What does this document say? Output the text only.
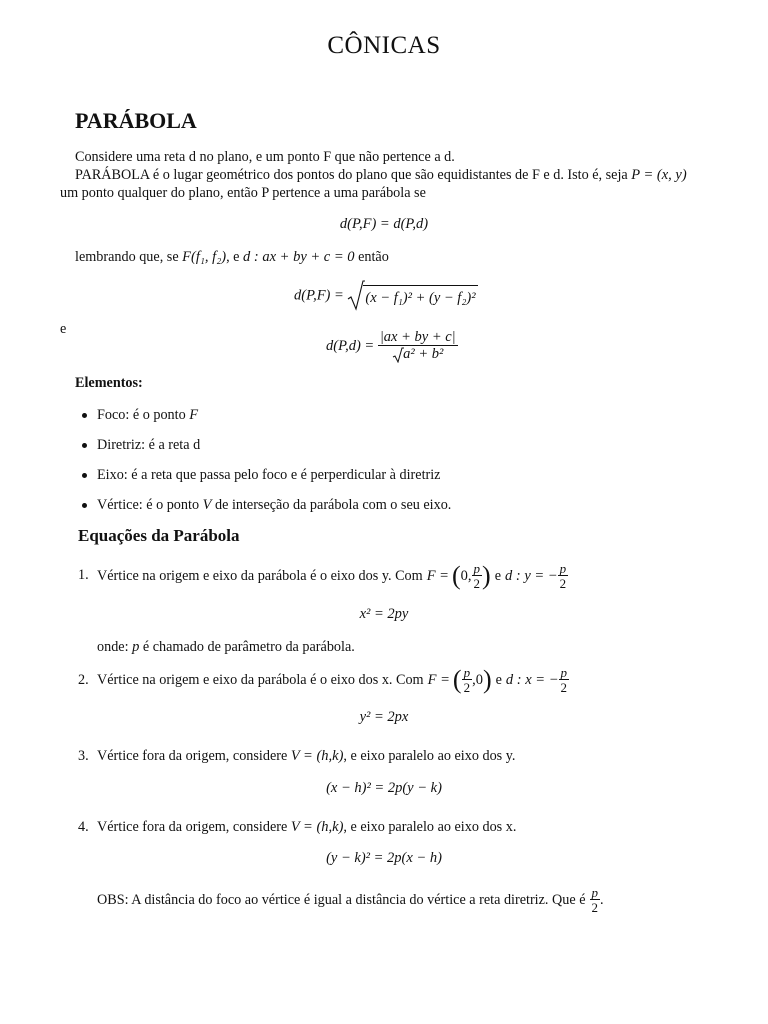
CÔNICAS
PARÁBOLA
Considere uma reta d no plano, e um ponto F que não pertence a d.
PARÁBOLA é o lugar geométrico dos pontos do plano que são equidistantes de F e d. Isto é, seja P = (x, y)
um ponto qualquer do plano, então P pertence a uma parábola se
d(P,F) = d(P,d)
lembrando que, se F(f₁, f₂), e d : ax + by + c = 0 então
d(P,F) = (x − f₁)² + (y − f₂)²
e
$d(P,d) = \frac{|ax + by + c|}{\text{a² + b²}}$
Elementos:
Foco: é o ponto F
Diretriz: é a reta d
Eixo: é a reta que passa pelo foco e é perperdicular à diretriz
Vértice: é o ponto V de interseção da parábola com o seu eixo.
Equações da Parábola
1. Vértice na origem e eixo da parábola é o eixo dos y. Com F = ( 0, $\frac{p}{2}$ ) e d : y = − $\frac{p}{2}$
x² = 2py
onde: p é chamado de parâmetro da parábola.
2. Vértice na origem e eixo da parábola é o eixo dos x. Com F = ( $\frac{p}{2} ,0$ ) e d : x = − $\frac{p}{2}$
y² = 2px
3. Vértice fora da origem, considere V = (h,k), e eixo paralelo ao eixo dos y.
(x − h)² = 2p(y − k)
4. Vértice fora da origem, considere V = (h,k), e eixo paralelo ao eixo dos x.
(y − k)² = 2p(x − h)
OBS: A distância do foco ao vértice é igual a distância do vértice a reta diretriz. Que é $\frac{p}{2}$ .
